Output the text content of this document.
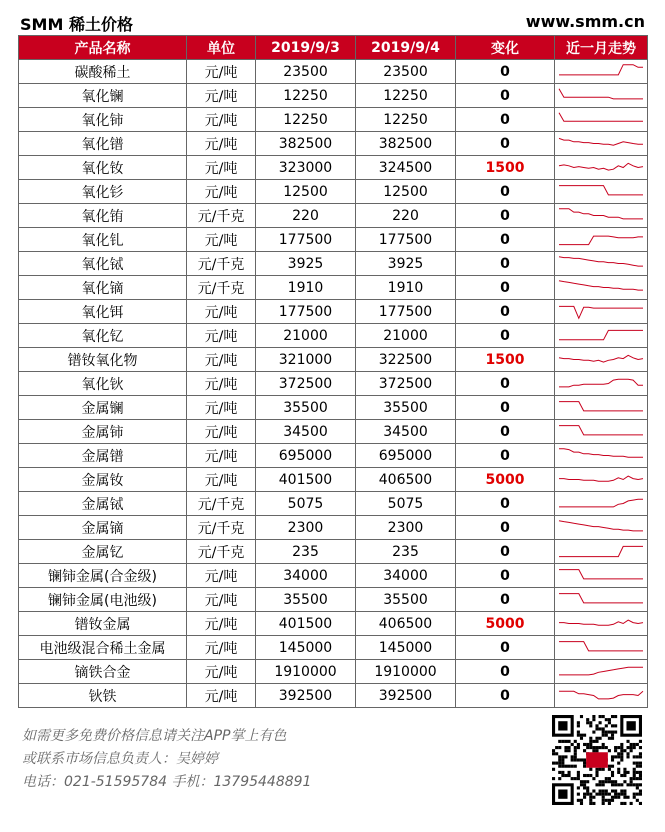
SMM 稀土价格	www.smm.cn
产品名称	单位	2019/9/3	2019/9/4	变化	近一月走势
碳酸稀土	元/吨	23500	23500	0	

氧化镧	元/吨	12250	12250	0	

氧化铈	元/吨	12250	12250	0	

氧化镨	元/吨	382500	382500	0	

氧化钕	元/吨	323000	324500	1500	

氧化钐	元/吨	12500	12500	0	

氧化铕	元/千克	220	220	0	

氧化钆	元/吨	177500	177500	0	

氧化铽	元/千克	3925	3925	0	

氧化镝	元/千克	1910	1910	0	

氧化铒	元/吨	177500	177500	0	

氧化钇	元/吨	21000	21000	0	

镨钕氧化物	元/吨	321000	322500	1500	

氧化钬	元/吨	372500	372500	0	

金属镧	元/吨	35500	35500	0	

金属铈	元/吨	34500	34500	0	

金属镨	元/吨	695000	695000	0	

金属钕	元/吨	401500	406500	5000	

金属铽	元/千克	5075	5075	0	

金属镝	元/千克	2300	2300	0	

金属钇	元/千克	235	235	0	

镧铈金属(合金级)	元/吨	34000	34000	0	

镧铈金属(电池级)	元/吨	35500	35500	0	

镨钕金属	元/吨	401500	406500	5000	

电池级混合稀土金属	元/吨	145000	145000	0	

镝铁合金	元/吨	1910000	1910000	0	

钬铁	元/吨	392500	392500	0	
如需更多免费价格信息请关注APP掌上有色
或联系市场信息负责人：吴婷婷
电话：021-51595784 手机：13795448891
